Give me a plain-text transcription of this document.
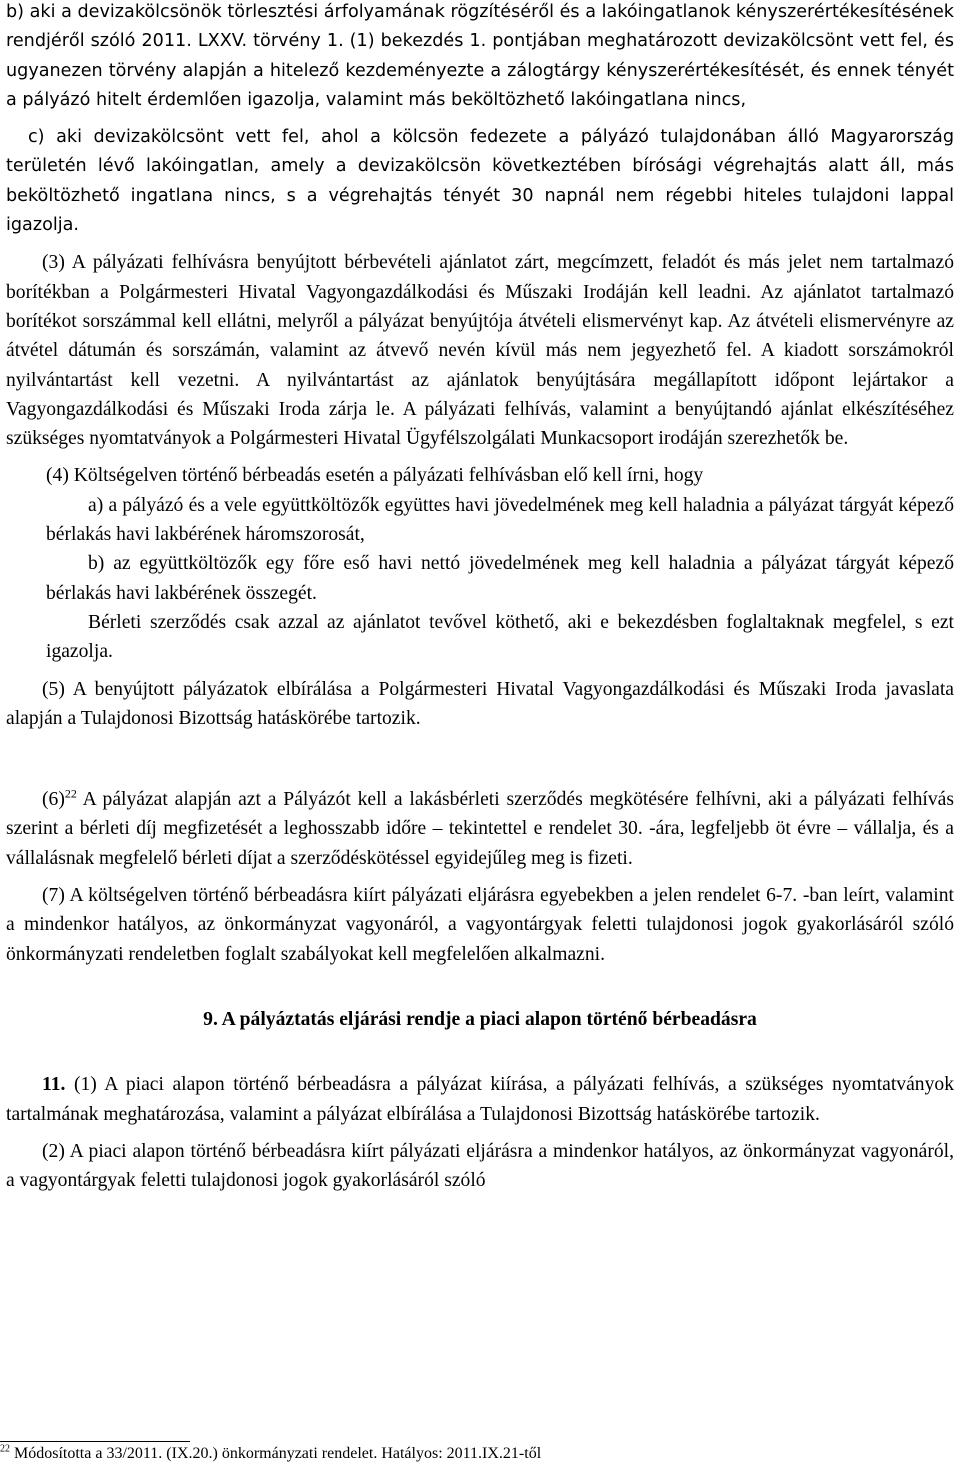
b) aki a devizakölcsönök törlesztési árfolyamának rögzítéséről és a lakóingatlanok kényszerértékesítésének rendjéről szóló 2011. LXXV. törvény 1. (1) bekezdés 1. pontjában meghatározott devizakölcsönt vett fel, és ugyanezen törvény alapján a hitelező kezdeményezte a zálogtárgy kényszerértékesítését, és ennek tényét a pályázó hitelt érdemlően igazolja, valamint más beköltözhető lakóingatlana nincs,

c) aki devizakölcsönt vett fel, ahol a kölcsön fedezete a pályázó tulajdonában álló Magyarország területén lévő lakóingatlan, amely a devizakölcsön következtében bírósági végrehajtás alatt áll, más beköltözhető ingatlana nincs, s a végrehajtás tényét 30 napnál nem régebbi hiteles tulajdoni lappal igazolja.

(3) A pályázati felhívásra benyújtott bérbevételi ajánlatot zárt, megcímzett, feladót és más jelet nem tartalmazó borítékban a Polgármesteri Hivatal Vagyongazdálkodási és Műszaki Irodáján kell leadni. Az ajánlatot tartalmazó borítékot sorszámmal kell ellátni, melyről a pályázat benyújtója átvételi elismervényt kap. Az átvételi elismervényre az átvétel dátumán és sorszámán, valamint az átvevő nevén kívül más nem jegyezhető fel. A kiadott sorszámokról nyilvántartást kell vezetni. A nyilvántartást az ajánlatok benyújtására megállapított időpont lejártakor a Vagyongazdálkodási és Műszaki Iroda zárja le. A pályázati felhívás, valamint a benyújtandó ajánlat elkészítéséhez szükséges nyomtatványok a Polgármesteri Hivatal Ügyfélszolgálati Munkacsoport irodáján szerezhetők be.

(4) Költségelven történő bérbeadás esetén a pályázati felhívásban elő kell írni, hogy

a) a pályázó és a vele együttköltözők együttes havi jövedelmének meg kell haladnia a pályázat tárgyát képező bérlakás havi lakbérének háromszorosát,

b) az együttköltözők egy főre eső havi nettó jövedelmének meg kell haladnia a pályázat tárgyát képező bérlakás havi lakbérének összegét.

Bérleti szerződés csak azzal az ajánlatot tevővel köthető, aki e bekezdésben foglaltaknak megfelel, s ezt igazolja.

(5) A benyújtott pályázatok elbírálása a Polgármesteri Hivatal Vagyongazdálkodási és Műszaki Iroda javaslata alapján a Tulajdonosi Bizottság hatáskörébe tartozik.

$(6)^{22}$ A pályázat alapján azt a Pályázót kell a lakásbérleti szerződés megkötésére felhívni, aki a pályázati felhívás szerint a bérleti díj megfizetését a leghosszabb időre – tekintettel e rendelet 30. -ára, legfeljebb öt évre – vállalja, és a vállalásnak megfelelő bérleti díjat a szerződéskötéssel egyidejűleg meg is fizeti.

(7) A költségelven történő bérbeadásra kiírt pályázati eljárásra egyebekben a jelen rendelet 6-7. -ban leírt, valamint a mindenkor hatályos, az önkormányzat vagyonáról, a vagyontárgyak feletti tulajdonosi jogok gyakorlásáról szóló önkormányzati rendeletben foglalt szabályokat kell megfelelően alkalmazni.

9. A pályáztatás eljárási rendje a piaci alapon történő bérbeadásra

11. (1) A piaci alapon történő bérbeadásra a pályázat kiírása, a pályázati felhívás, a szükséges nyomtatványok tartalmának meghatározása, valamint a pályázat elbírálása a Tulajdonosi Bizottság hatáskörébe tartozik.

(2) A piaci alapon történő bérbeadásra kiírt pályázati eljárásra a mindenkor hatályos, az önkormányzat vagyonáról, a vagyontárgyak feletti tulajdonosi jogok gyakorlásáról szóló

$^{22}$ Módosította a 33/2011. (IX.20.) önkormányzati rendelet. Hatályos: 2011.IX.21-től
